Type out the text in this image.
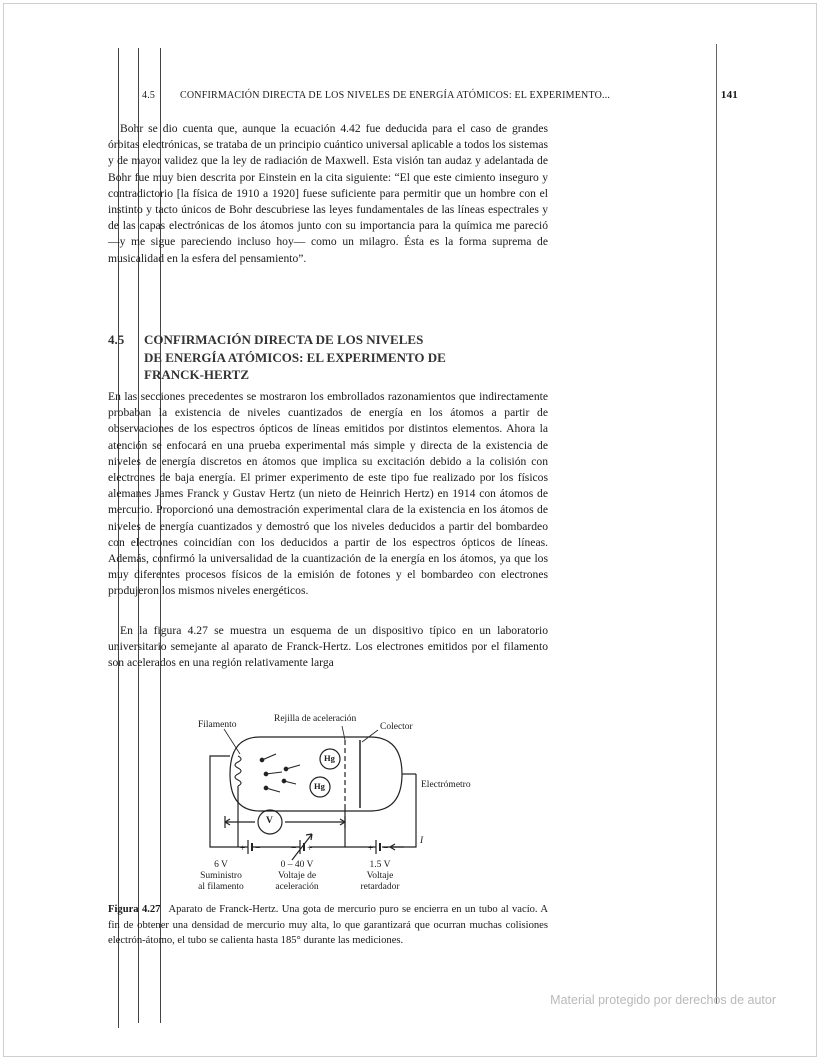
4.5 CONFIRMACIÓN DIRECTA DE LOS NIVELES DE ENERGÍA ATÓMICOS: EL EXPERIMENTO...	141

Bohr se dio cuenta que, aunque la ecuación 4.42 fue deducida para el caso de grandes órbitas electrónicas, se trataba de un principio cuántico universal aplicable a todos los sistemas y de mayor validez que la ley de radiación de Maxwell. Esta visión tan audaz y adelantada de Bohr fue muy bien descrita por Einstein en la cita siguiente: “El que este cimiento inseguro y contradictorio [la física de 1910 a 1920] fuese suficiente para permitir que un hombre con el instinto y tacto únicos de Bohr descubriese las leyes fundamentales de las líneas espectrales y de las capas electrónicas de los átomos junto con su importancia para la química me pareció —y me sigue pareciendo incluso hoy— como un milagro. Ésta es la forma suprema de musicalidad en la esfera del pensamiento”.

4.5 CONFIRMACIÓN DIRECTA DE LOS NIVELES
DE ENERGÍA ATÓMICOS: EL EXPERIMENTO DE
FRANCK-HERTZ

En las secciones precedentes se mostraron los embrollados razonamientos que indirectamente probaban la existencia de niveles cuantizados de energía en los átomos a partir de observaciones de los espectros ópticos de líneas emitidos por distintos elementos. Ahora la atención se enfocará en una prueba experimental más simple y directa de la existencia de niveles de energía discretos en átomos que implica su excitación debido a la colisión con electrones de baja energía. El primer experimento de este tipo fue realizado por los físicos alemanes James Franck y Gustav Hertz (un nieto de Heinrich Hertz) en 1914 con átomos de mercurio. Proporcionó una demostración experimental clara de la existencia en los átomos de niveles de energía cuantizados y demostró que los niveles deducidos a partir del bombardeo con electrones coincidían con los deducidos a partir de los espectros ópticos de líneas. Además, confirmó la universalidad de la cuantización de la energía en los átomos, ya que los muy diferentes procesos físicos de la emisión de fotones y el bombardeo con electrones produjeron los mismos niveles energéticos.

En la figura 4.27 se muestra un esquema de un dispositivo típico en un laboratorio universitario semejante al aparato de Franck-Hertz. Los electrones emitidos por el filamento son acelerados en una región relativamente larga

Filamento
Rejilla de aceleración
Colector
Electrómetro
Hg
Hg
V
I
+ −	− +	+ −
6 V
Suministro
al filamento
0 – 40 V
Voltaje de
aceleración
1.5 V
Voltaje
retardador
Figura 4.27 Aparato de Franck-Hertz. Una gota de mercurio puro se encierra en un tubo al vacío. A fin de obtener una densidad de mercurio muy alta, lo que garantizará que ocurran muchas colisiones electrón-átomo, el tubo se calienta hasta 185° durante las mediciones.
Material protegido por derechos de autor
